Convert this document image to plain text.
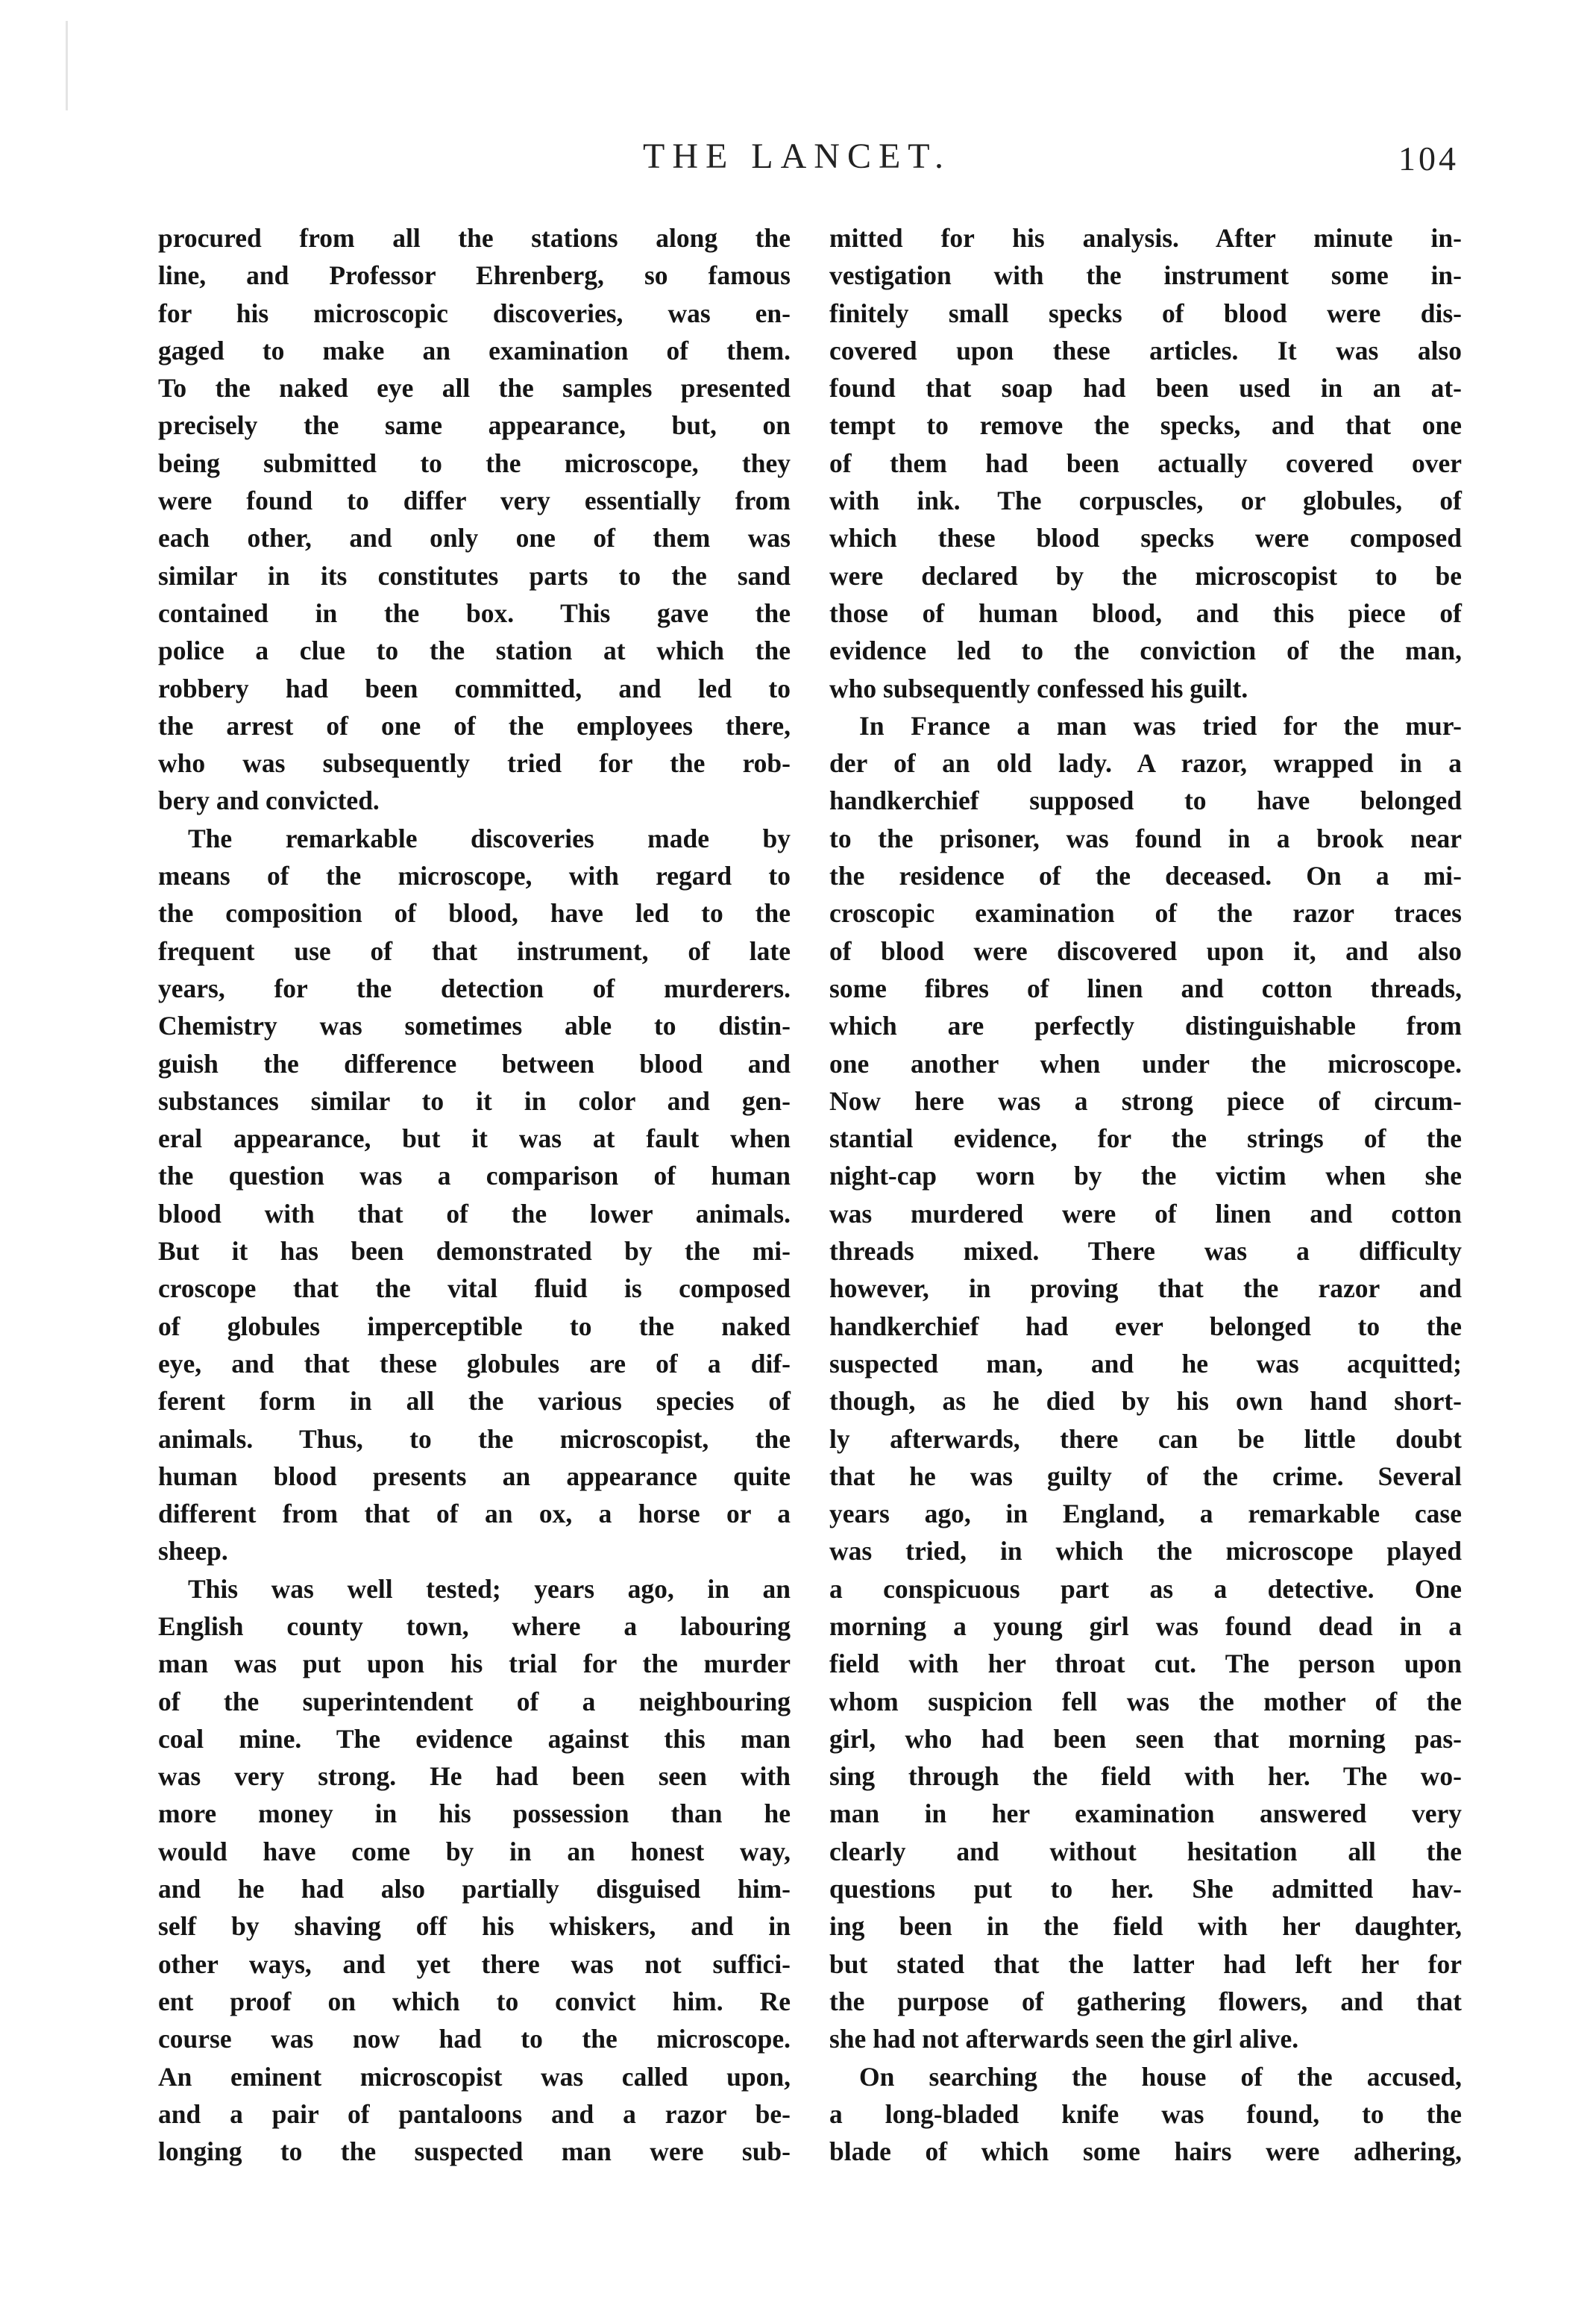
THE LANCET.	104
procured from all the stations along the
line, and Professor Ehrenberg, so famous
for his microscopic discoveries, was en-
gaged to make an examination of them.
To the naked eye all the samples presented
precisely the same appearance, but, on
being submitted to the microscope, they
were found to differ very essentially from
each other, and only one of them was
similar in its constitutes parts to the sand
contained in the box. This gave the
police a clue to the station at which the
robbery had been committed, and led to
the arrest of one of the employees there,
who was subsequently tried for the rob-
bery and convicted.
The remarkable discoveries made by
means of the microscope, with regard to
the composition of blood, have led to the
frequent use of that instrument, of late
years, for the detection of murderers.
Chemistry was sometimes able to distin-
guish the difference between blood and
substances similar to it in color and gen-
eral appearance, but it was at fault when
the question was a comparison of human
blood with that of the lower animals.
But it has been demonstrated by the mi-
croscope that the vital fluid is composed
of globules imperceptible to the naked
eye, and that these globules are of a dif-
ferent form in all the various species of
animals. Thus, to the microscopist, the
human blood presents an appearance quite
different from that of an ox, a horse or a
sheep.
This was well tested; years ago, in an
English county town, where a labouring
man was put upon his trial for the murder
of the superintendent of a neighbouring
coal mine. The evidence against this man
was very strong. He had been seen with
more money in his possession than he
would have come by in an honest way,
and he had also partially disguised him-
self by shaving off his whiskers, and in
other ways, and yet there was not suffici-
ent proof on which to convict him. Re
course was now had to the microscope.
An eminent microscopist was called upon,
and a pair of pantaloons and a razor be-
longing to the suspected man were sub-
mitted for his analysis. After minute in-
vestigation with the instrument some in-
finitely small specks of blood were dis-
covered upon these articles. It was also
found that soap had been used in an at-
tempt to remove the specks, and that one
of them had been actually covered over
with ink. The corpuscles, or globules, of
which these blood specks were composed
were declared by the microscopist to be
those of human blood, and this piece of
evidence led to the conviction of the man,
who subsequently confessed his guilt.
In France a man was tried for the mur-
der of an old lady. A razor, wrapped in a
handkerchief supposed to have belonged
to the prisoner, was found in a brook near
the residence of the deceased. On a mi-
croscopic examination of the razor traces
of blood were discovered upon it, and also
some fibres of linen and cotton threads,
which are perfectly distinguishable from
one another when under the microscope.
Now here was a strong piece of circum-
stantial evidence, for the strings of the
night-cap worn by the victim when she
was murdered were of linen and cotton
threads mixed. There was a difficulty
however, in proving that the razor and
handkerchief had ever belonged to the
suspected man, and he was acquitted;
though, as he died by his own hand short-
ly afterwards, there can be little doubt
that he was guilty of the crime. Several
years ago, in England, a remarkable case
was tried, in which the microscope played
a conspicuous part as a detective. One
morning a young girl was found dead in a
field with her throat cut. The person upon
whom suspicion fell was the mother of the
girl, who had been seen that morning pas-
sing through the field with her. The wo-
man in her examination answered very
clearly and without hesitation all the
questions put to her. She admitted hav-
ing been in the field with her daughter,
but stated that the latter had left her for
the purpose of gathering flowers, and that
she had not afterwards seen the girl alive.
On searching the house of the accused,
a long-bladed knife was found, to the
blade of which some hairs were adhering,
